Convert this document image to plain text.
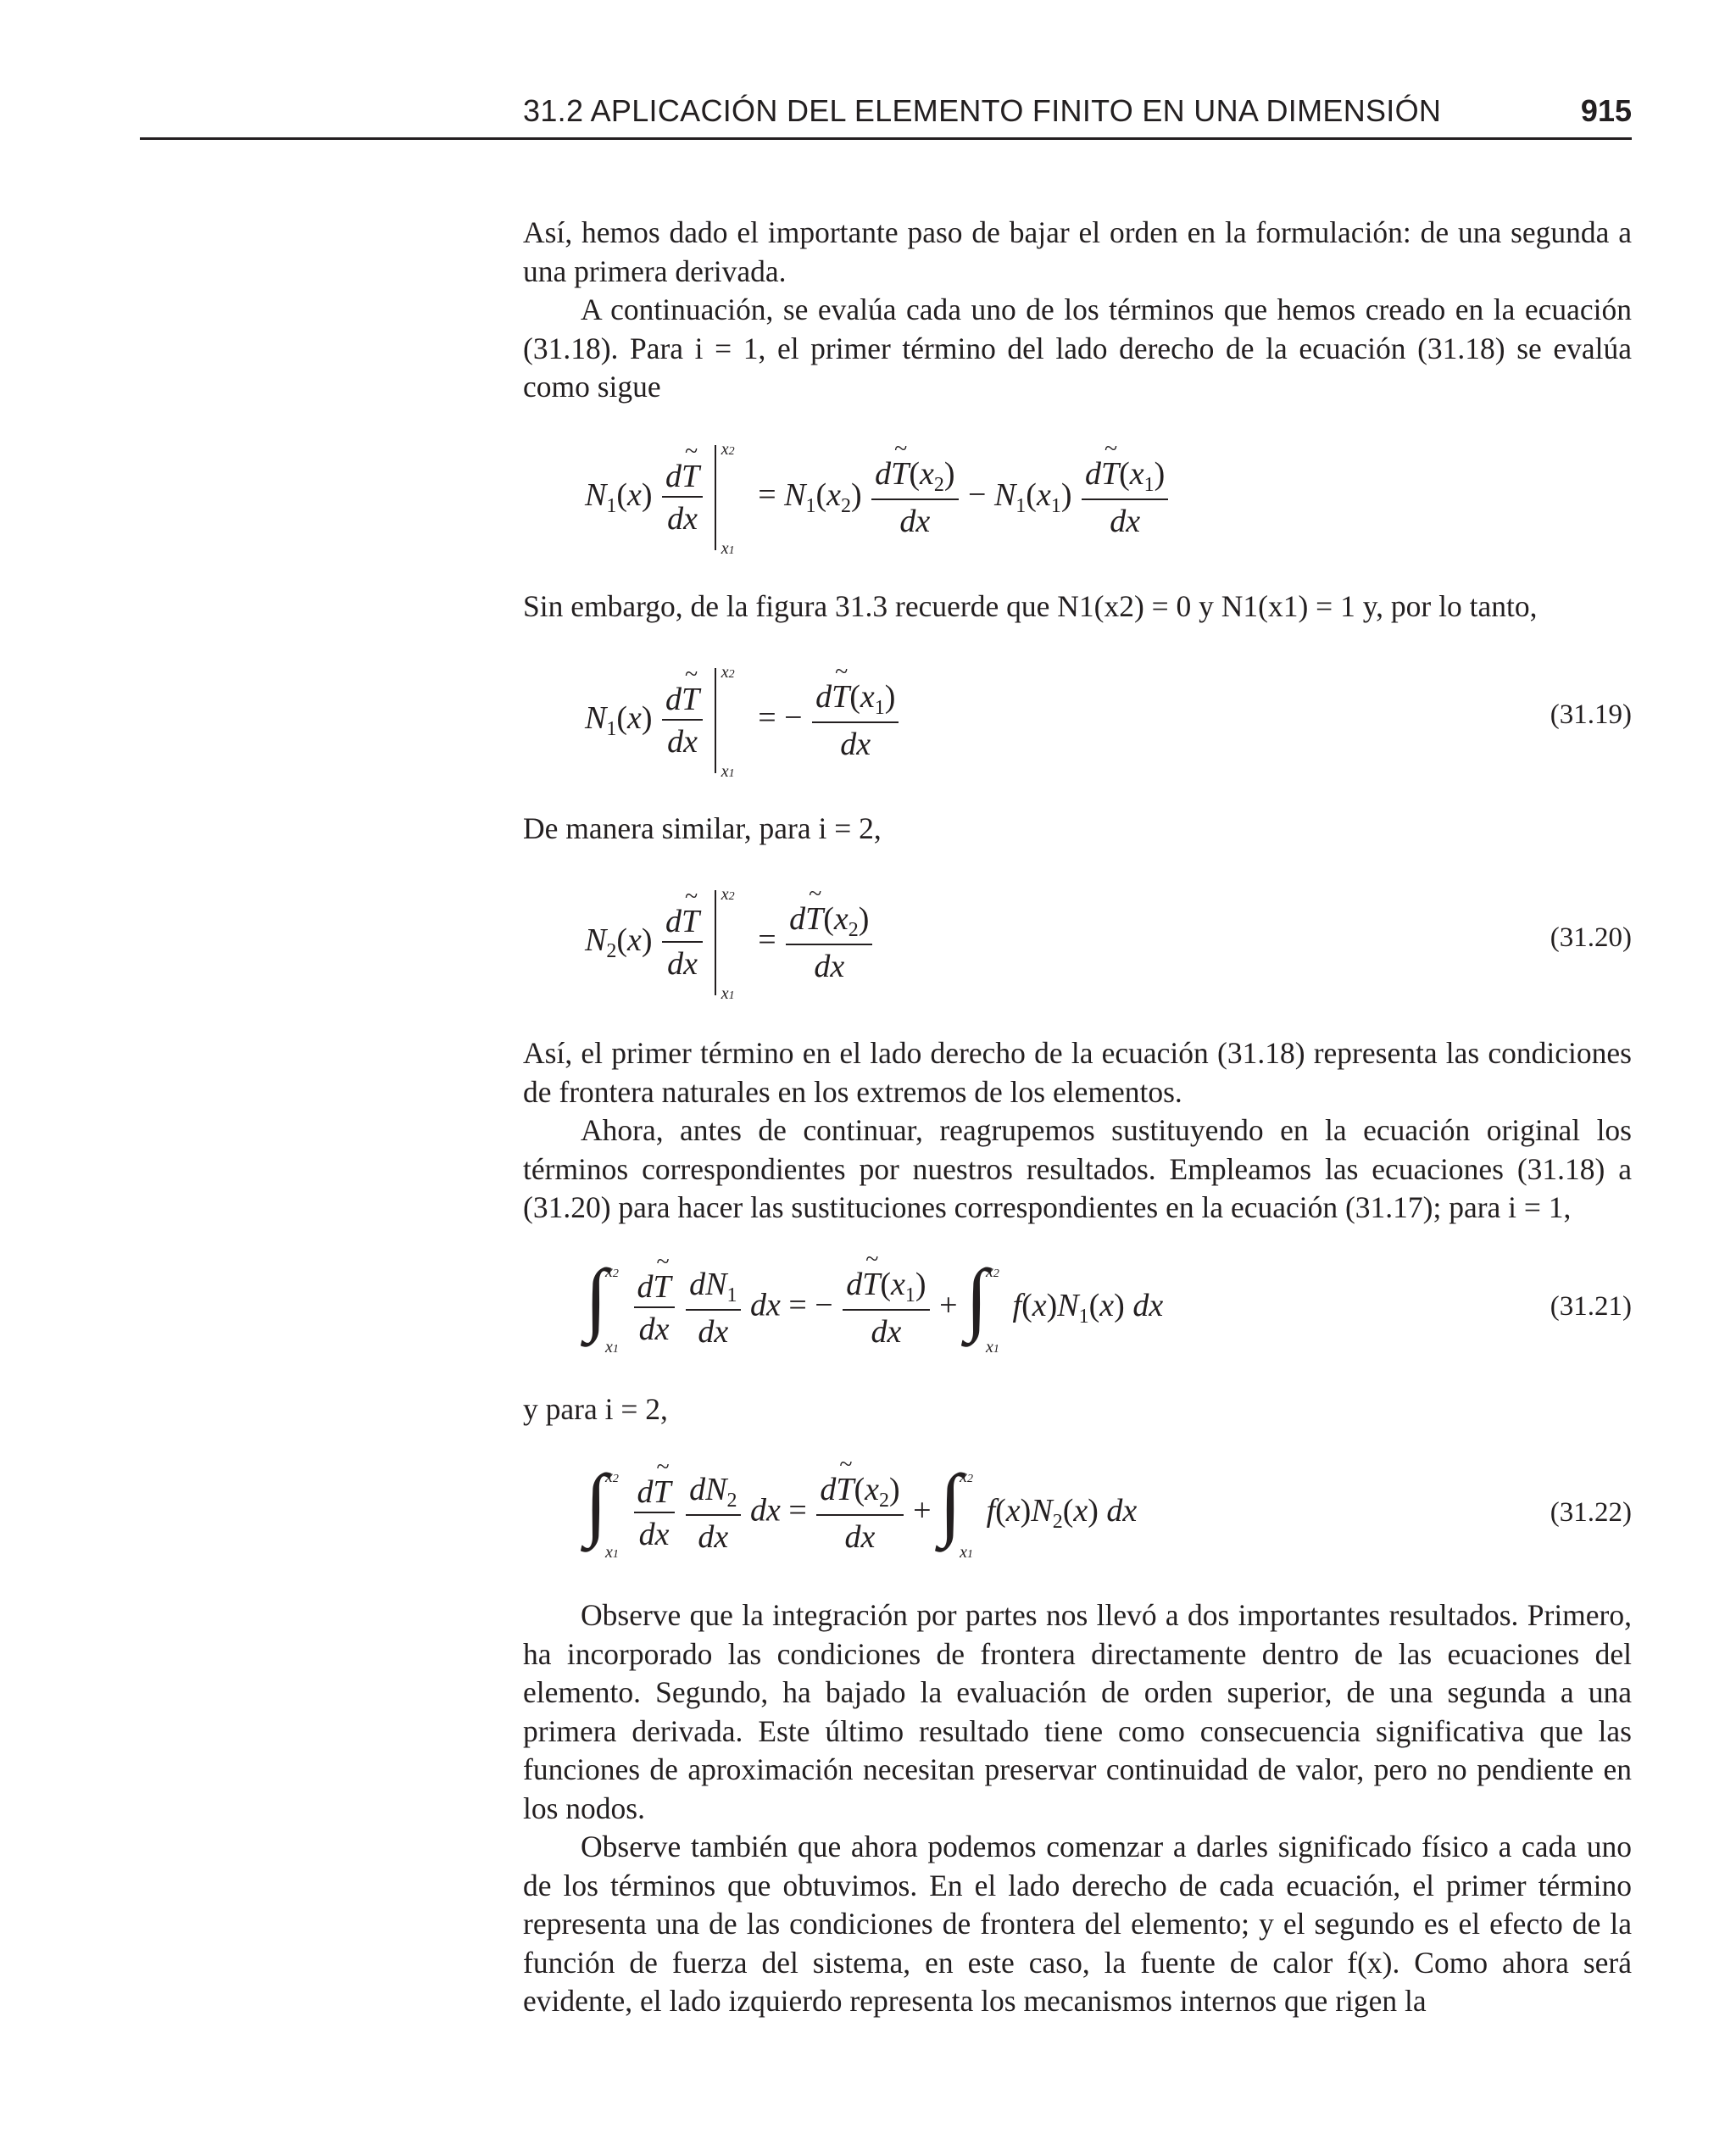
31.2 APLICACIÓN DEL ELEMENTO FINITO EN UNA DIMENSIÓN	915

Así, hemos dado el importante paso de bajar el orden en la formulación: de una segunda a una primera derivada.

A continuación, se evalúa cada uno de los términos que hemos creado en la ecuación (31.18). Para i = 1, el primer término del lado derecho de la ecuación (31.18) se evalúa como sigue

$N_1(x) \frac{d\sim T}{dx}$

x2
x1
= $N_1(x_2) \frac{d\sim T(x_2)}{dx} - N_1(x_1) \frac{d\sim T(x_1)}{dx}$
Sin embargo, de la figura 31.3 recuerde que N1(x2) = 0 y N1(x1) = 1 y, por lo tanto,
$N_1(x) \frac{d\sim T}{dx}$

x2
x1
= − $\frac{d\sim T(x_1)}{dx}$	(31.19)
De manera similar, para i = 2,
$N_2(x) \frac{d\sim T}{dx}$

x2
x1
= $\frac{d\sim T(x_2)}{dx}$	(31.20)

Así, el primer término en el lado derecho de la ecuación (31.18) representa las condiciones de frontera naturales en los extremos de los elementos.

Ahora, antes de continuar, reagrupemos sustituyendo en la ecuación original los términos correspondientes por nuestros resultados. Empleamos las ecuaciones (31.18) a (31.20) para hacer las sustituciones correspondientes en la ecuación (31.17); para i = 1,

∫
x2
x1

$\frac{d\sim T}{dx}$
$\frac{dN_1}{dx}$ dx = − $\frac{d\sim T(x_1)}{dx}$ + ∫
x2
x1
$f(x)N_1(x)$ dx	(31.21)
y para i = 2,
∫
x2
x1

$\frac{d\sim T}{dx}$
$\frac{dN_2}{dx}$ dx = $\frac{d\sim T(x_2)}{dx}$ + ∫
x2
x1
$f(x)N_2(x)$ dx	(31.22)

Observe que la integración por partes nos llevó a dos importantes resultados. Primero, ha incorporado las condiciones de frontera directamente dentro de las ecuaciones del elemento. Segundo, ha bajado la evaluación de orden superior, de una segunda a una primera derivada. Este último resultado tiene como consecuencia significativa que las funciones de aproximación necesitan preservar continuidad de valor, pero no pendiente en los nodos.

Observe también que ahora podemos comenzar a darles significado físico a cada uno de los términos que obtuvimos. En el lado derecho de cada ecuación, el primer término representa una de las condiciones de frontera del elemento; y el segundo es el efecto de la función de fuerza del sistema, en este caso, la fuente de calor f(x). Como ahora será evidente, el lado izquierdo representa los mecanismos internos que rigen la
